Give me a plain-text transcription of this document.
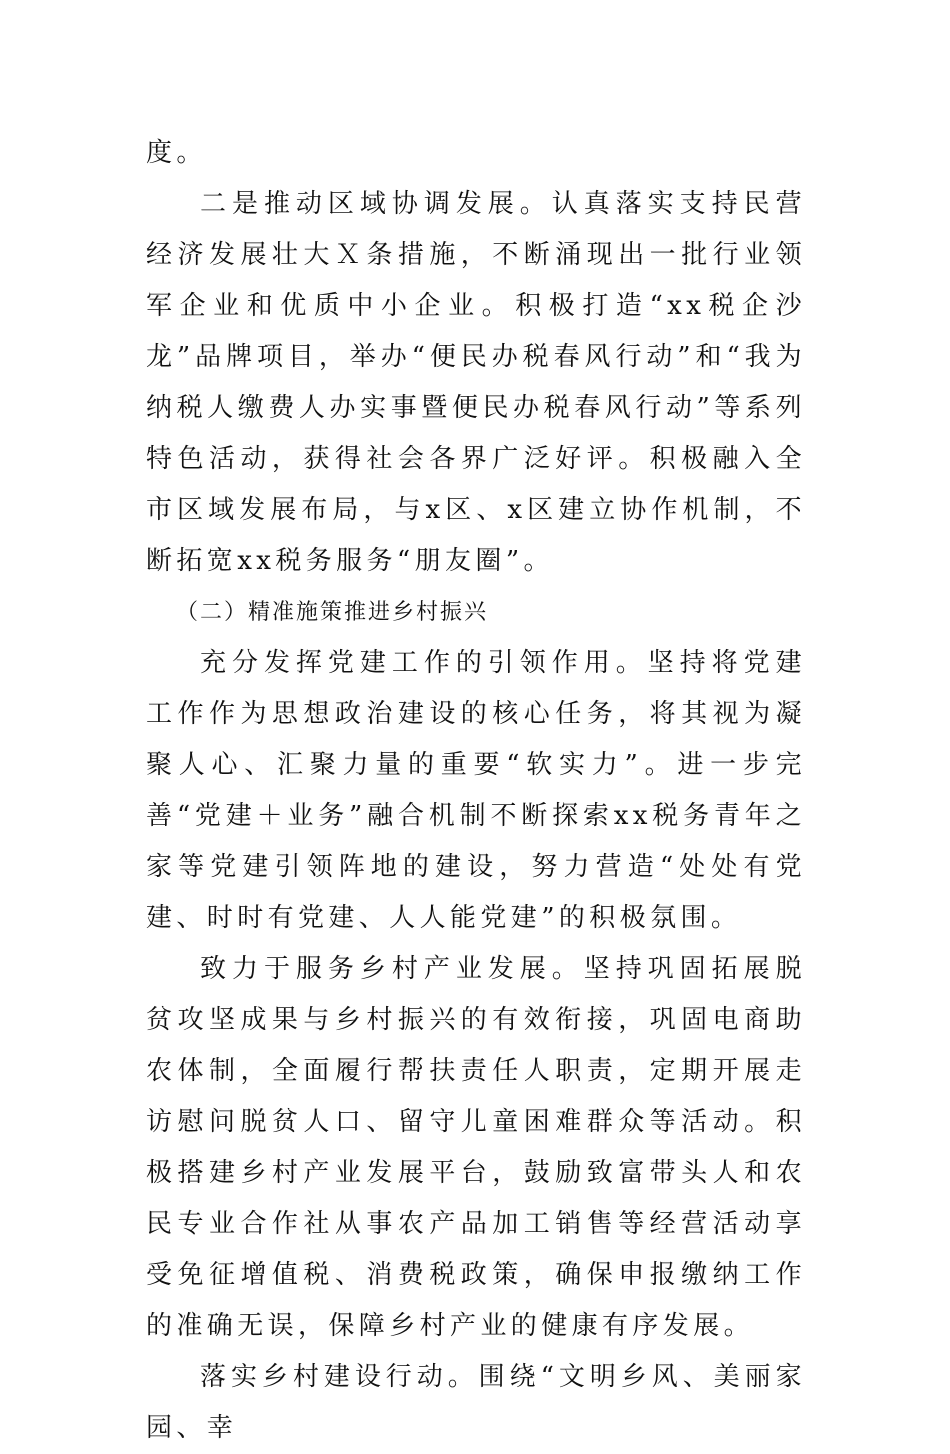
度。

二是推动区域协调发展。认真落实支持民营经济发展壮大Ｘ条措施，不断涌现出一批行业领军企业和优质中小企业。积极打造“xx税企沙龙”品牌项目，举办“便民办税春风行动”和“我为纳税人缴费人办实事暨便民办税春风行动”等系列特色活动，获得社会各界广泛好评。积极融入全市区域发展布局，与x区、x区建立协作机制，不断拓宽xx税务服务“朋友圈”。

（二）精准施策推进乡村振兴

充分发挥党建工作的引领作用。坚持将党建工作作为思想政治建设的核心任务，将其视为凝聚人心、汇聚力量的重要“软实力”。进一步完善“党建＋业务”融合机制不断探索xx税务青年之家等党建引领阵地的建设，努力营造“处处有党建、时时有党建、人人能党建”的积极氛围。

致力于服务乡村产业发展。坚持巩固拓展脱贫攻坚成果与乡村振兴的有效衔接，巩固电商助农体制，全面履行帮扶责任人职责，定期开展走访慰问脱贫人口、留守儿童困难群众等活动。积极搭建乡村产业发展平台，鼓励致富带头人和农民专业合作社从事农产品加工销售等经营活动享受免征增值税、消费税政策，确保申报缴纳工作的准确无误，保障乡村产业的健康有序发展。

落实乡村建设行动。围绕“文明乡风、美丽家园、幸
